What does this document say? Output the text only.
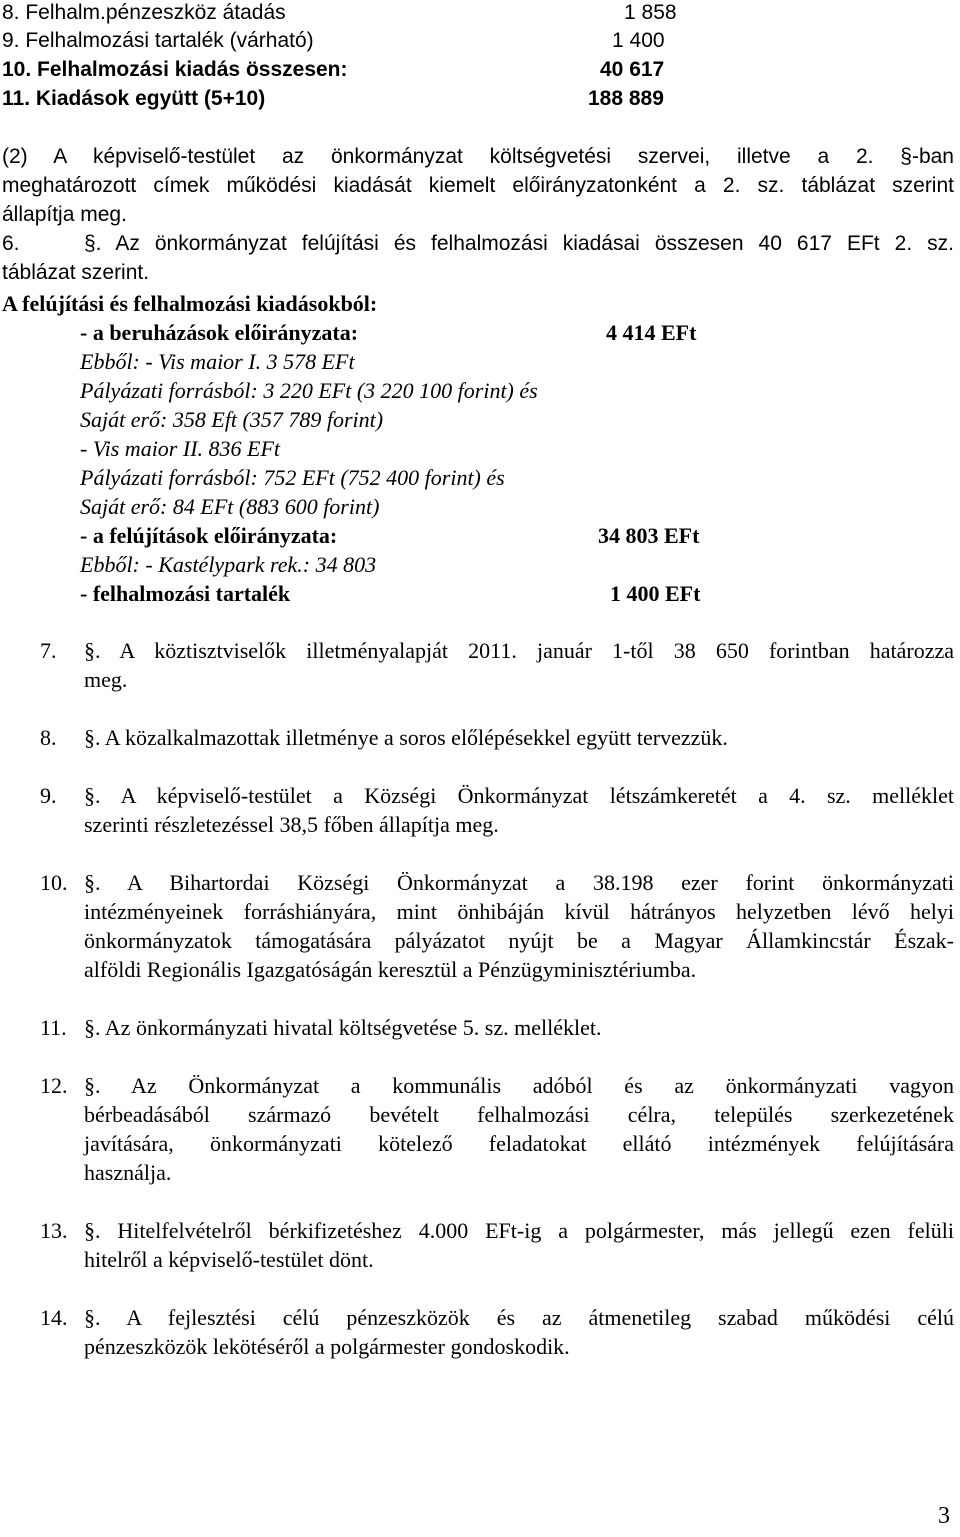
8. Felhalm.pénzeszköz átadás	1 858
9. Felhalmozási tartalék (várható)	1 400
10. Felhalmozási kiadás összesen:	40 617
11. Kiadások együtt (5+10)	188 889
(2) A képviselő-testület az önkormányzat költségvetési szervei, illetve a 2. §-ban
meghatározott címek működési kiadását kiemelt előirányzatonként a 2. sz. táblázat szerint
állapítja meg.
6.	§. Az önkormányzat felújítási és felhalmozási kiadásai összesen 40 617 EFt 2. sz.
táblázat szerint.
A felújítási és felhalmozási kiadásokból:
- a beruházások előirányzata:	4 414 EFt
Ebből: - Vis maior I. 3 578 EFt
Pályázati forrásból: 3 220 EFt (3 220 100 forint) és
Saját erő: 358 Eft (357 789 forint)
- Vis maior II. 836 EFt
Pályázati forrásból: 752 EFt (752 400 forint) és
Saját erő: 84 EFt (883 600 forint)
- a felújítások előirányzata:	34 803 EFt
Ebből: - Kastélypark rek.: 34 803
- felhalmozási tartalék	1 400 EFt
7. §. A köztisztviselők illetményalapját 2011. január 1-től 38 650 forintban határozza
meg.
8. §. A közalkalmazottak illetménye a soros előlépésekkel együtt tervezzük.
9. §. A képviselő-testület a Községi Önkormányzat létszámkeretét a 4. sz. melléklet
szerinti részletezéssel 38,5 főben állapítja meg.
10. §. A Bihartordai Községi Önkormányzat a 38.198 ezer forint önkormányzati
intézményeinek forráshiányára, mint önhibáján kívül hátrányos helyzetben lévő helyi
önkormányzatok támogatására pályázatot nyújt be a Magyar Államkincstár Észak-
alföldi Regionális Igazgatóságán keresztül a Pénzügyminisztériumba.
11. §. Az önkormányzati hivatal költségvetése 5. sz. melléklet.
12. §. Az Önkormányzat a kommunális adóból és az önkormányzati vagyon
bérbeadásából származó bevételt felhalmozási célra, település szerkezetének
javítására, önkormányzati kötelező feladatokat ellátó intézmények felújítására
használja.
13. §. Hitelfelvételről bérkifizetéshez 4.000 EFt-ig a polgármester, más jellegű ezen felüli
hitelről a képviselő-testület dönt.
14. §. A fejlesztési célú pénzeszközök és az átmenetileg szabad működési célú
pénzeszközök lekötéséről a polgármester gondoskodik.
3
